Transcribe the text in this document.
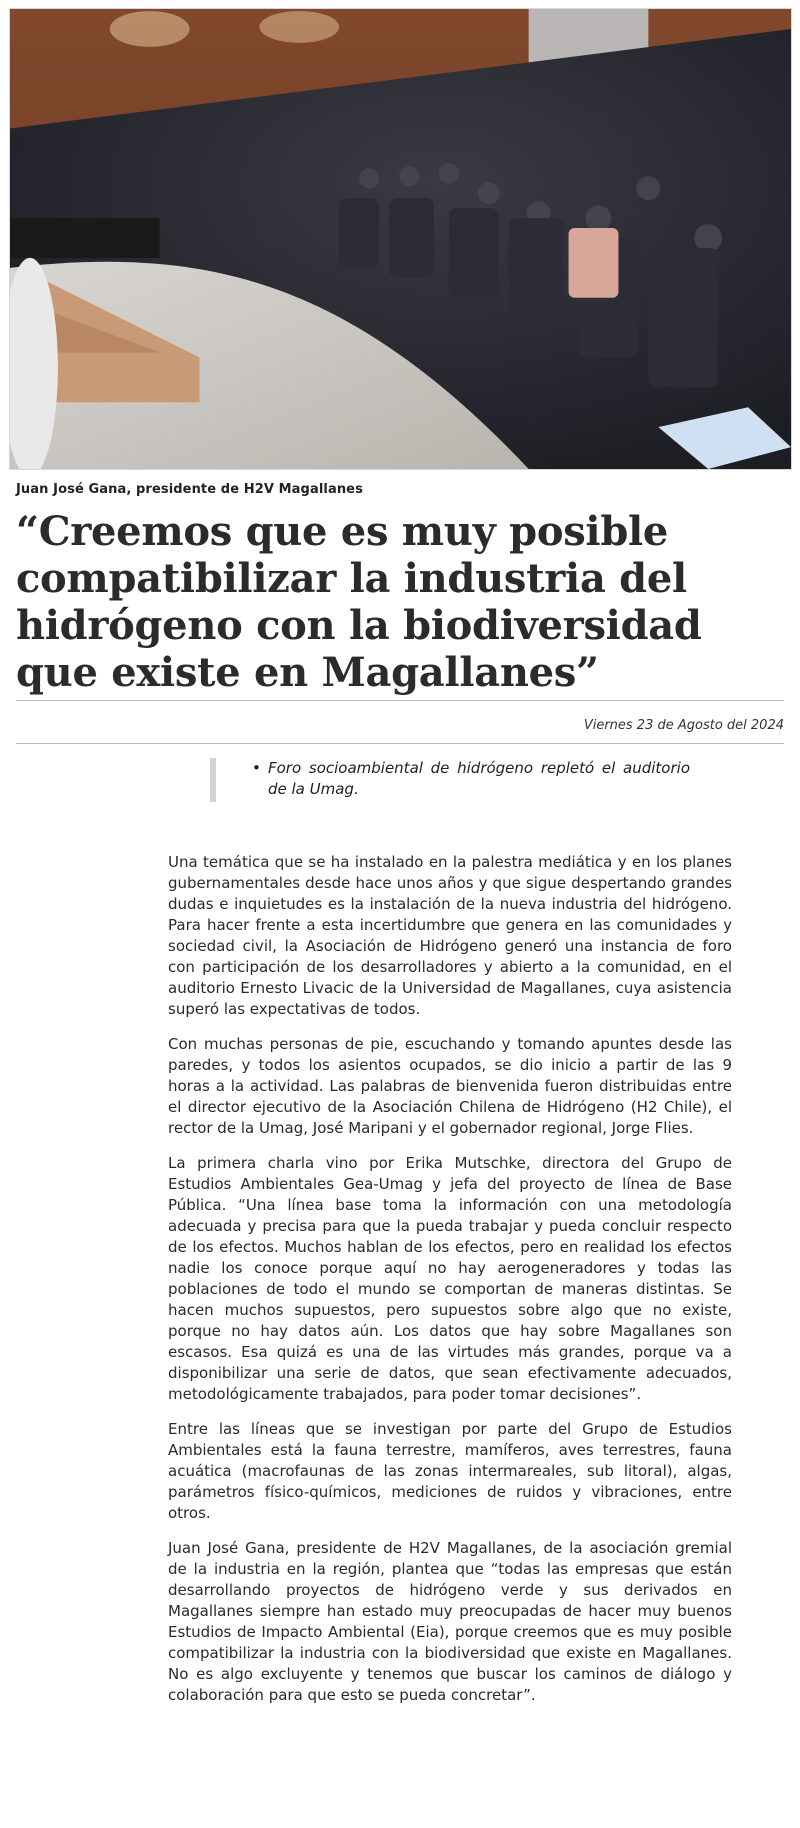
Juan José Gana, presidente de H2V Magallanes
“Creemos que es muy posible compatibilizar la industria del hidrógeno con la biodiversidad que existe en Magallanes”
Viernes 23 de Agosto del 2024
• Foro socioambiental de hidrógeno repletó el auditorio de la Umag.

Una temática que se ha instalado en la palestra mediática y en los planes gubernamentales desde hace unos años y que sigue despertando grandes dudas e inquietudes es la instalación de la nueva industria del hidrógeno. Para hacer frente a esta incertidumbre que genera en las comunidades y sociedad civil, la Asociación de Hidrógeno generó una instancia de foro con participación de los desarrolladores y abierto a la comunidad, en el auditorio Ernesto Livacic de la Universidad de Magallanes, cuya asistencia superó las expectativas de todos.

Con muchas personas de pie, escuchando y tomando apuntes desde las paredes, y todos los asientos ocupados, se dio inicio a partir de las 9 horas a la actividad. Las palabras de bienvenida fueron distribuidas entre el director ejecutivo de la Asociación Chilena de Hidrógeno (H2 Chile), el rector de la Umag, José Maripani y el gobernador regional, Jorge Flies.

La primera charla vino por Erika Mutschke, directora del Grupo de Estudios Ambientales Gea-Umag y jefa del proyecto de línea de Base Pública. “Una línea base toma la información con una metodología adecuada y precisa para que la pueda trabajar y pueda concluir respecto de los efectos. Muchos hablan de los efectos, pero en realidad los efectos nadie los conoce porque aquí no hay aerogeneradores y todas las poblaciones de todo el mundo se comportan de maneras distintas. Se hacen muchos supuestos, pero supuestos sobre algo que no existe, porque no hay datos aún. Los datos que hay sobre Magallanes son escasos. Esa quizá es una de las virtudes más grandes, porque va a disponibilizar una serie de datos, que sean efectivamente adecuados, metodológicamente trabajados, para poder tomar decisiones”.

Entre las líneas que se investigan por parte del Grupo de Estudios Ambientales está la fauna terrestre, mamíferos, aves terrestres, fauna acuática (macrofaunas de las zonas intermareales, sub litoral), algas, parámetros físico-químicos, mediciones de ruidos y vibraciones, entre otros.

Juan José Gana, presidente de H2V Magallanes, de la asociación gremial de la industria en la región, plantea que “todas las empresas que están desarrollando proyectos de hidrógeno verde y sus derivados en Magallanes siempre han estado muy preocupadas de hacer muy buenos Estudios de Impacto Ambiental (Eia), porque creemos que es muy posible compatibilizar la industria con la biodiversidad que existe en Magallanes. No es algo excluyente y tenemos que buscar los caminos de diálogo y colaboración para que esto se pueda concretar”.
